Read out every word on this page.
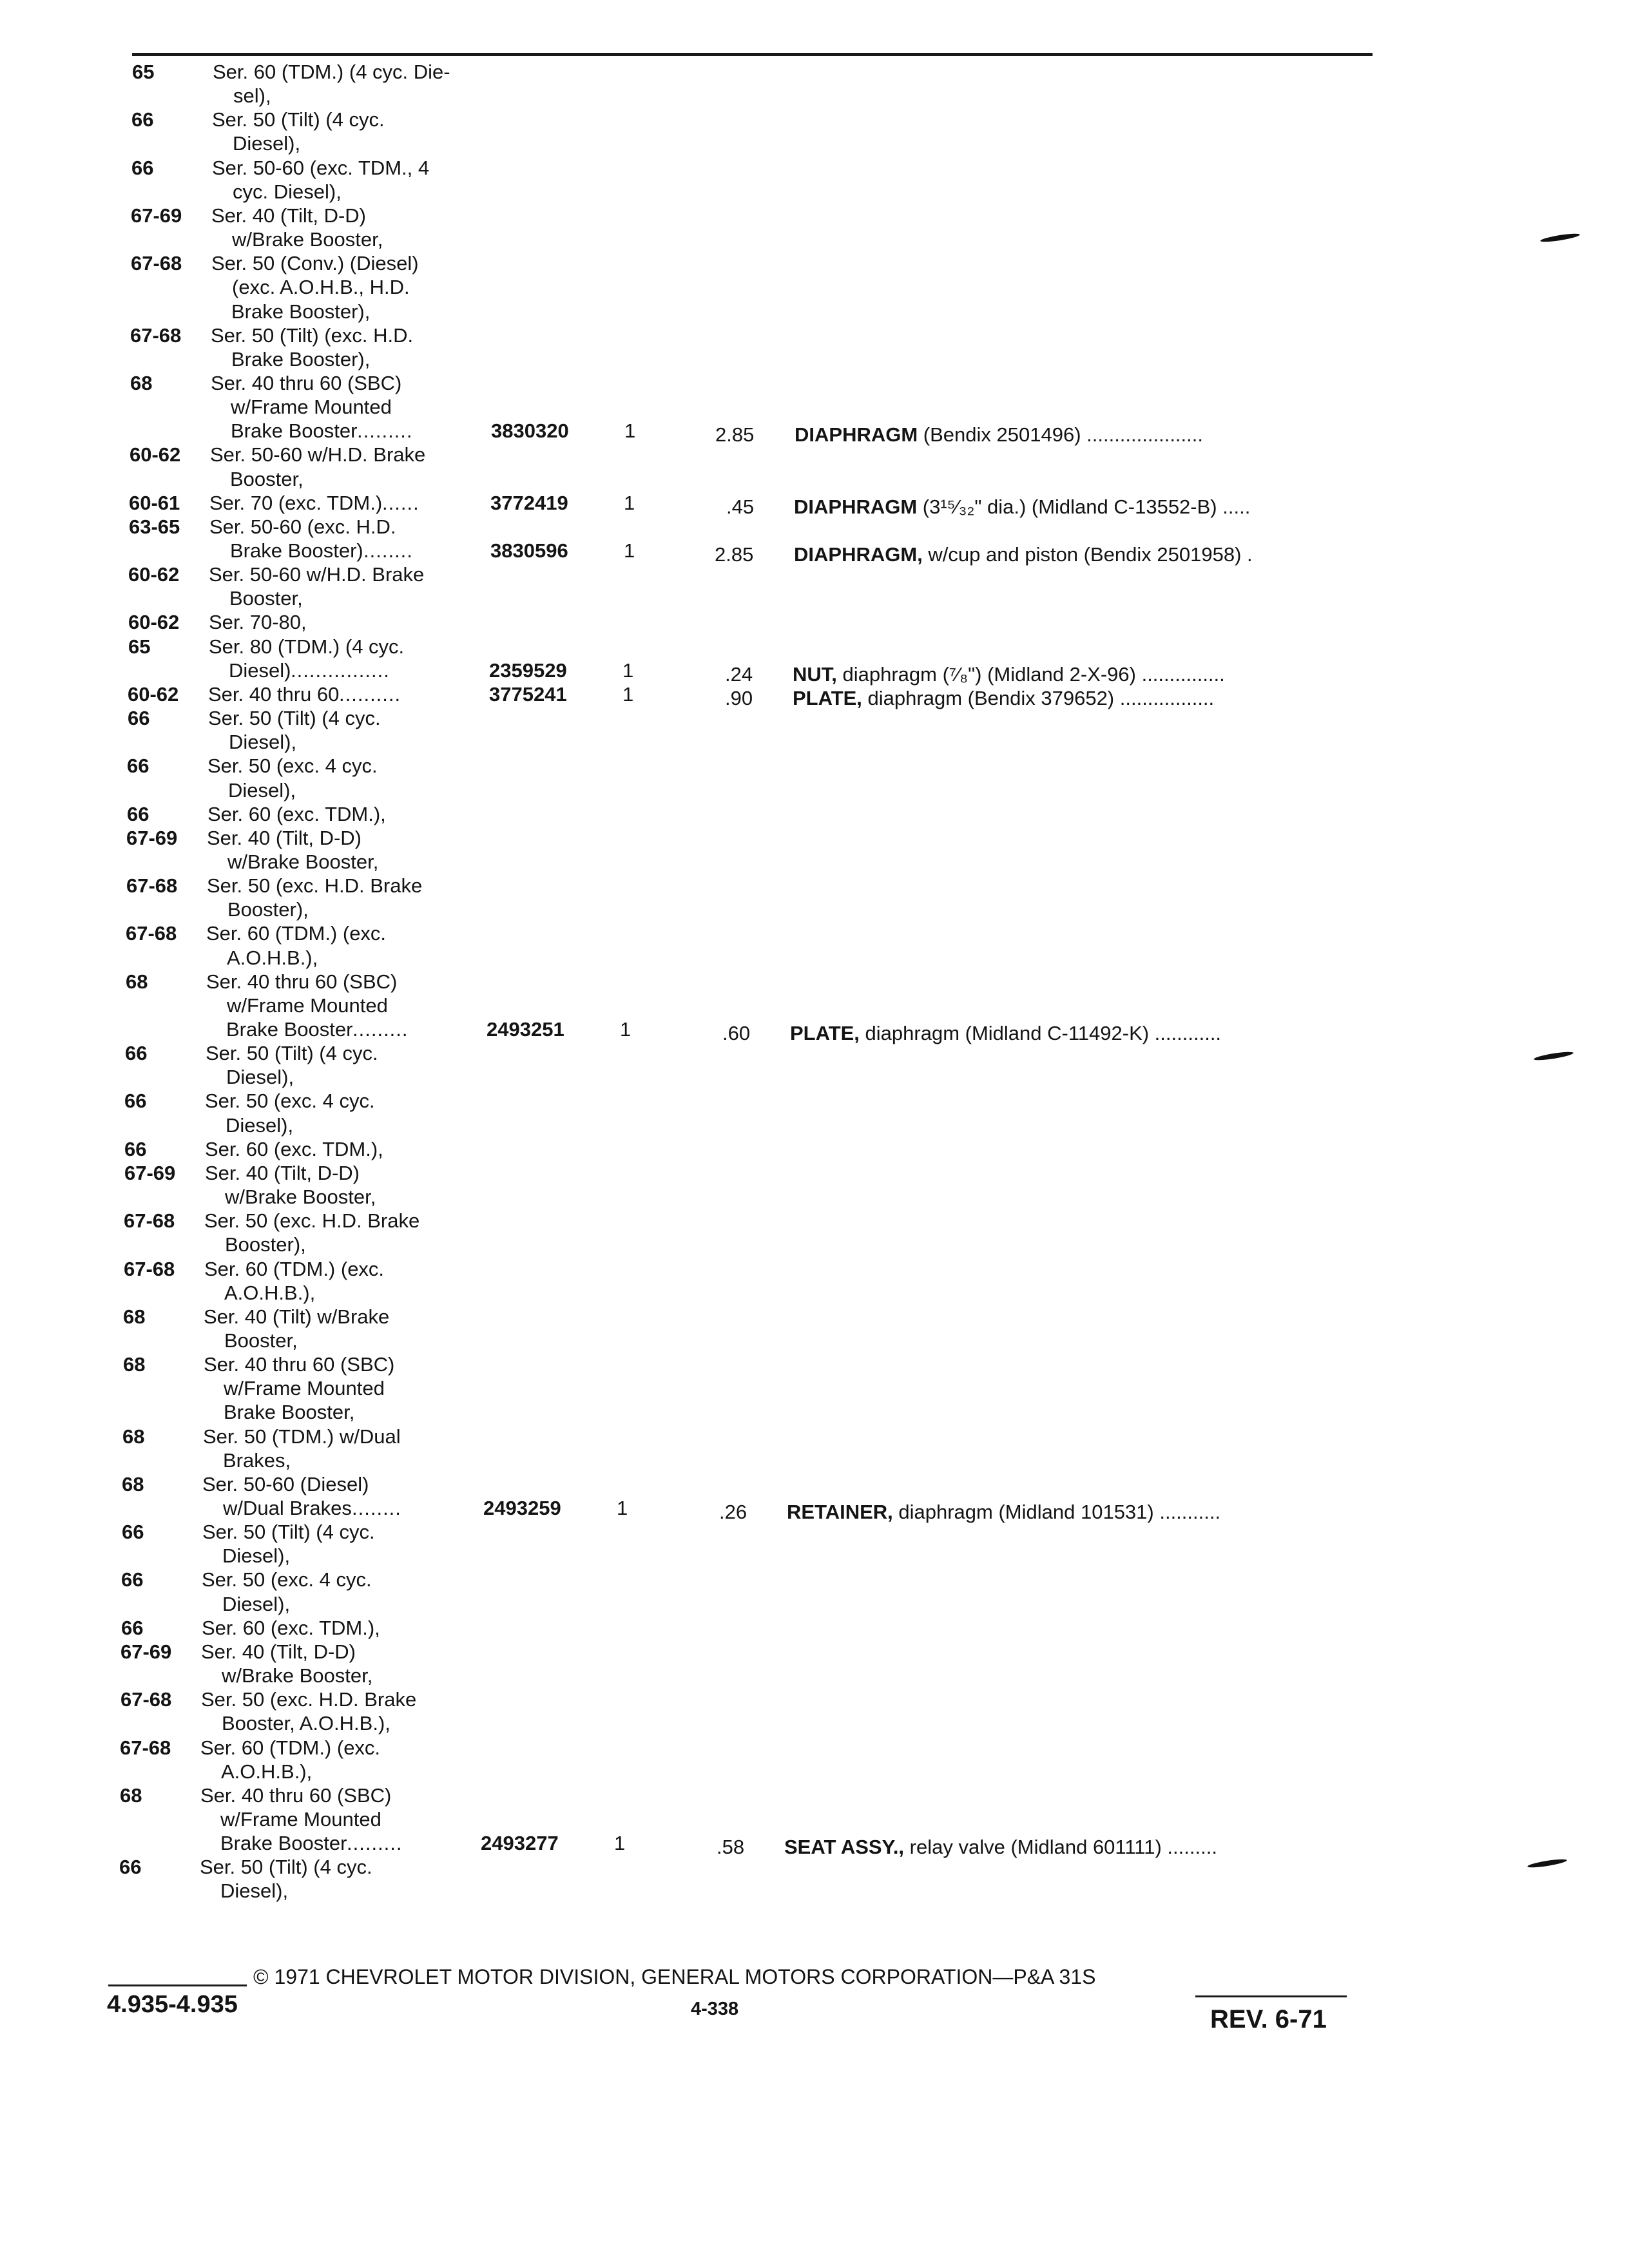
65	Ser. 60 (TDM.) (4 cyc. Die-
sel),
66	Ser. 50 (Tilt) (4 cyc.
Diesel),
66	Ser. 50-60 (exc. TDM., 4
cyc. Diesel),
67-69 Ser. 40 (Tilt, D-D)
w/Brake Booster,
67-68 Ser. 50 (Conv.) (Diesel)
(exc. A.O.H.B., H.D.
Brake Booster),
67-68 Ser. 50 (Tilt) (exc. H.D.
Brake Booster),
68	Ser. 40 thru 60 (SBC)
w/Frame Mounted
Brake Booster .........	3830320	1	2.85 DIAPHRAGM (Bendix 2501496) .....................
60-62 Ser. 50-60 w/H.D. Brake
Booster,
60-61 Ser. 70 (exc. TDM.) ......	3772419	1	.45 DIAPHRAGM (3¹⁵⁄₃₂" dia.) (Midland C-13552-B) .....
63-65 Ser. 50-60 (exc. H.D.
Brake Booster) ........	3830596	1	2.85 DIAPHRAGM, w/cup and piston (Bendix 2501958) .
60-62 Ser. 50-60 w/H.D. Brake
Booster,
60-62 Ser. 70-80,
65	Ser. 80 (TDM.) (4 cyc.
Diesel) ................	2359529	1	.24 NUT, diaphragm (⁷⁄₈") (Midland 2-X-96) ...............
60-62 Ser. 40 thru 60 ..........	3775241	1	.90 PLATE, diaphragm (Bendix 379652) .................
66	Ser. 50 (Tilt) (4 cyc.
Diesel),
66	Ser. 50 (exc. 4 cyc.
Diesel),
66	Ser. 60 (exc. TDM.),
67-69 Ser. 40 (Tilt, D-D)
w/Brake Booster,
67-68 Ser. 50 (exc. H.D. Brake
Booster),
67-68 Ser. 60 (TDM.) (exc.
A.O.H.B.),
68	Ser. 40 thru 60 (SBC)
w/Frame Mounted
Brake Booster .........	2493251	1	.60 PLATE, diaphragm (Midland C-11492-K) ............
66	Ser. 50 (Tilt) (4 cyc.
Diesel),
66	Ser. 50 (exc. 4 cyc.
Diesel),
66	Ser. 60 (exc. TDM.),
67-69 Ser. 40 (Tilt, D-D)
w/Brake Booster,
67-68 Ser. 50 (exc. H.D. Brake
Booster),
67-68 Ser. 60 (TDM.) (exc.
A.O.H.B.),
68	Ser. 40 (Tilt) w/Brake
Booster,
68	Ser. 40 thru 60 (SBC)
w/Frame Mounted
Brake Booster,
68	Ser. 50 (TDM.) w/Dual
Brakes,
68	Ser. 50-60 (Diesel)
w/Dual Brakes ........	2493259	1	.26 RETAINER, diaphragm (Midland 101531) ...........
66	Ser. 50 (Tilt) (4 cyc.
Diesel),
66	Ser. 50 (exc. 4 cyc.
Diesel),
66	Ser. 60 (exc. TDM.),
67-69 Ser. 40 (Tilt, D-D)
w/Brake Booster,
67-68 Ser. 50 (exc. H.D. Brake
Booster, A.O.H.B.),
67-68 Ser. 60 (TDM.) (exc.
A.O.H.B.),
68	Ser. 40 thru 60 (SBC)
w/Frame Mounted
Brake Booster .........	2493277	1	.58 SEAT ASSY., relay valve (Midland 601111) .........
66	Ser. 50 (Tilt) (4 cyc.
Diesel),
© 1971 CHEVROLET MOTOR DIVISION, GENERAL MOTORS CORPORATION—P&A 31S
4.935-4.935	4-338	REV. 6-71
